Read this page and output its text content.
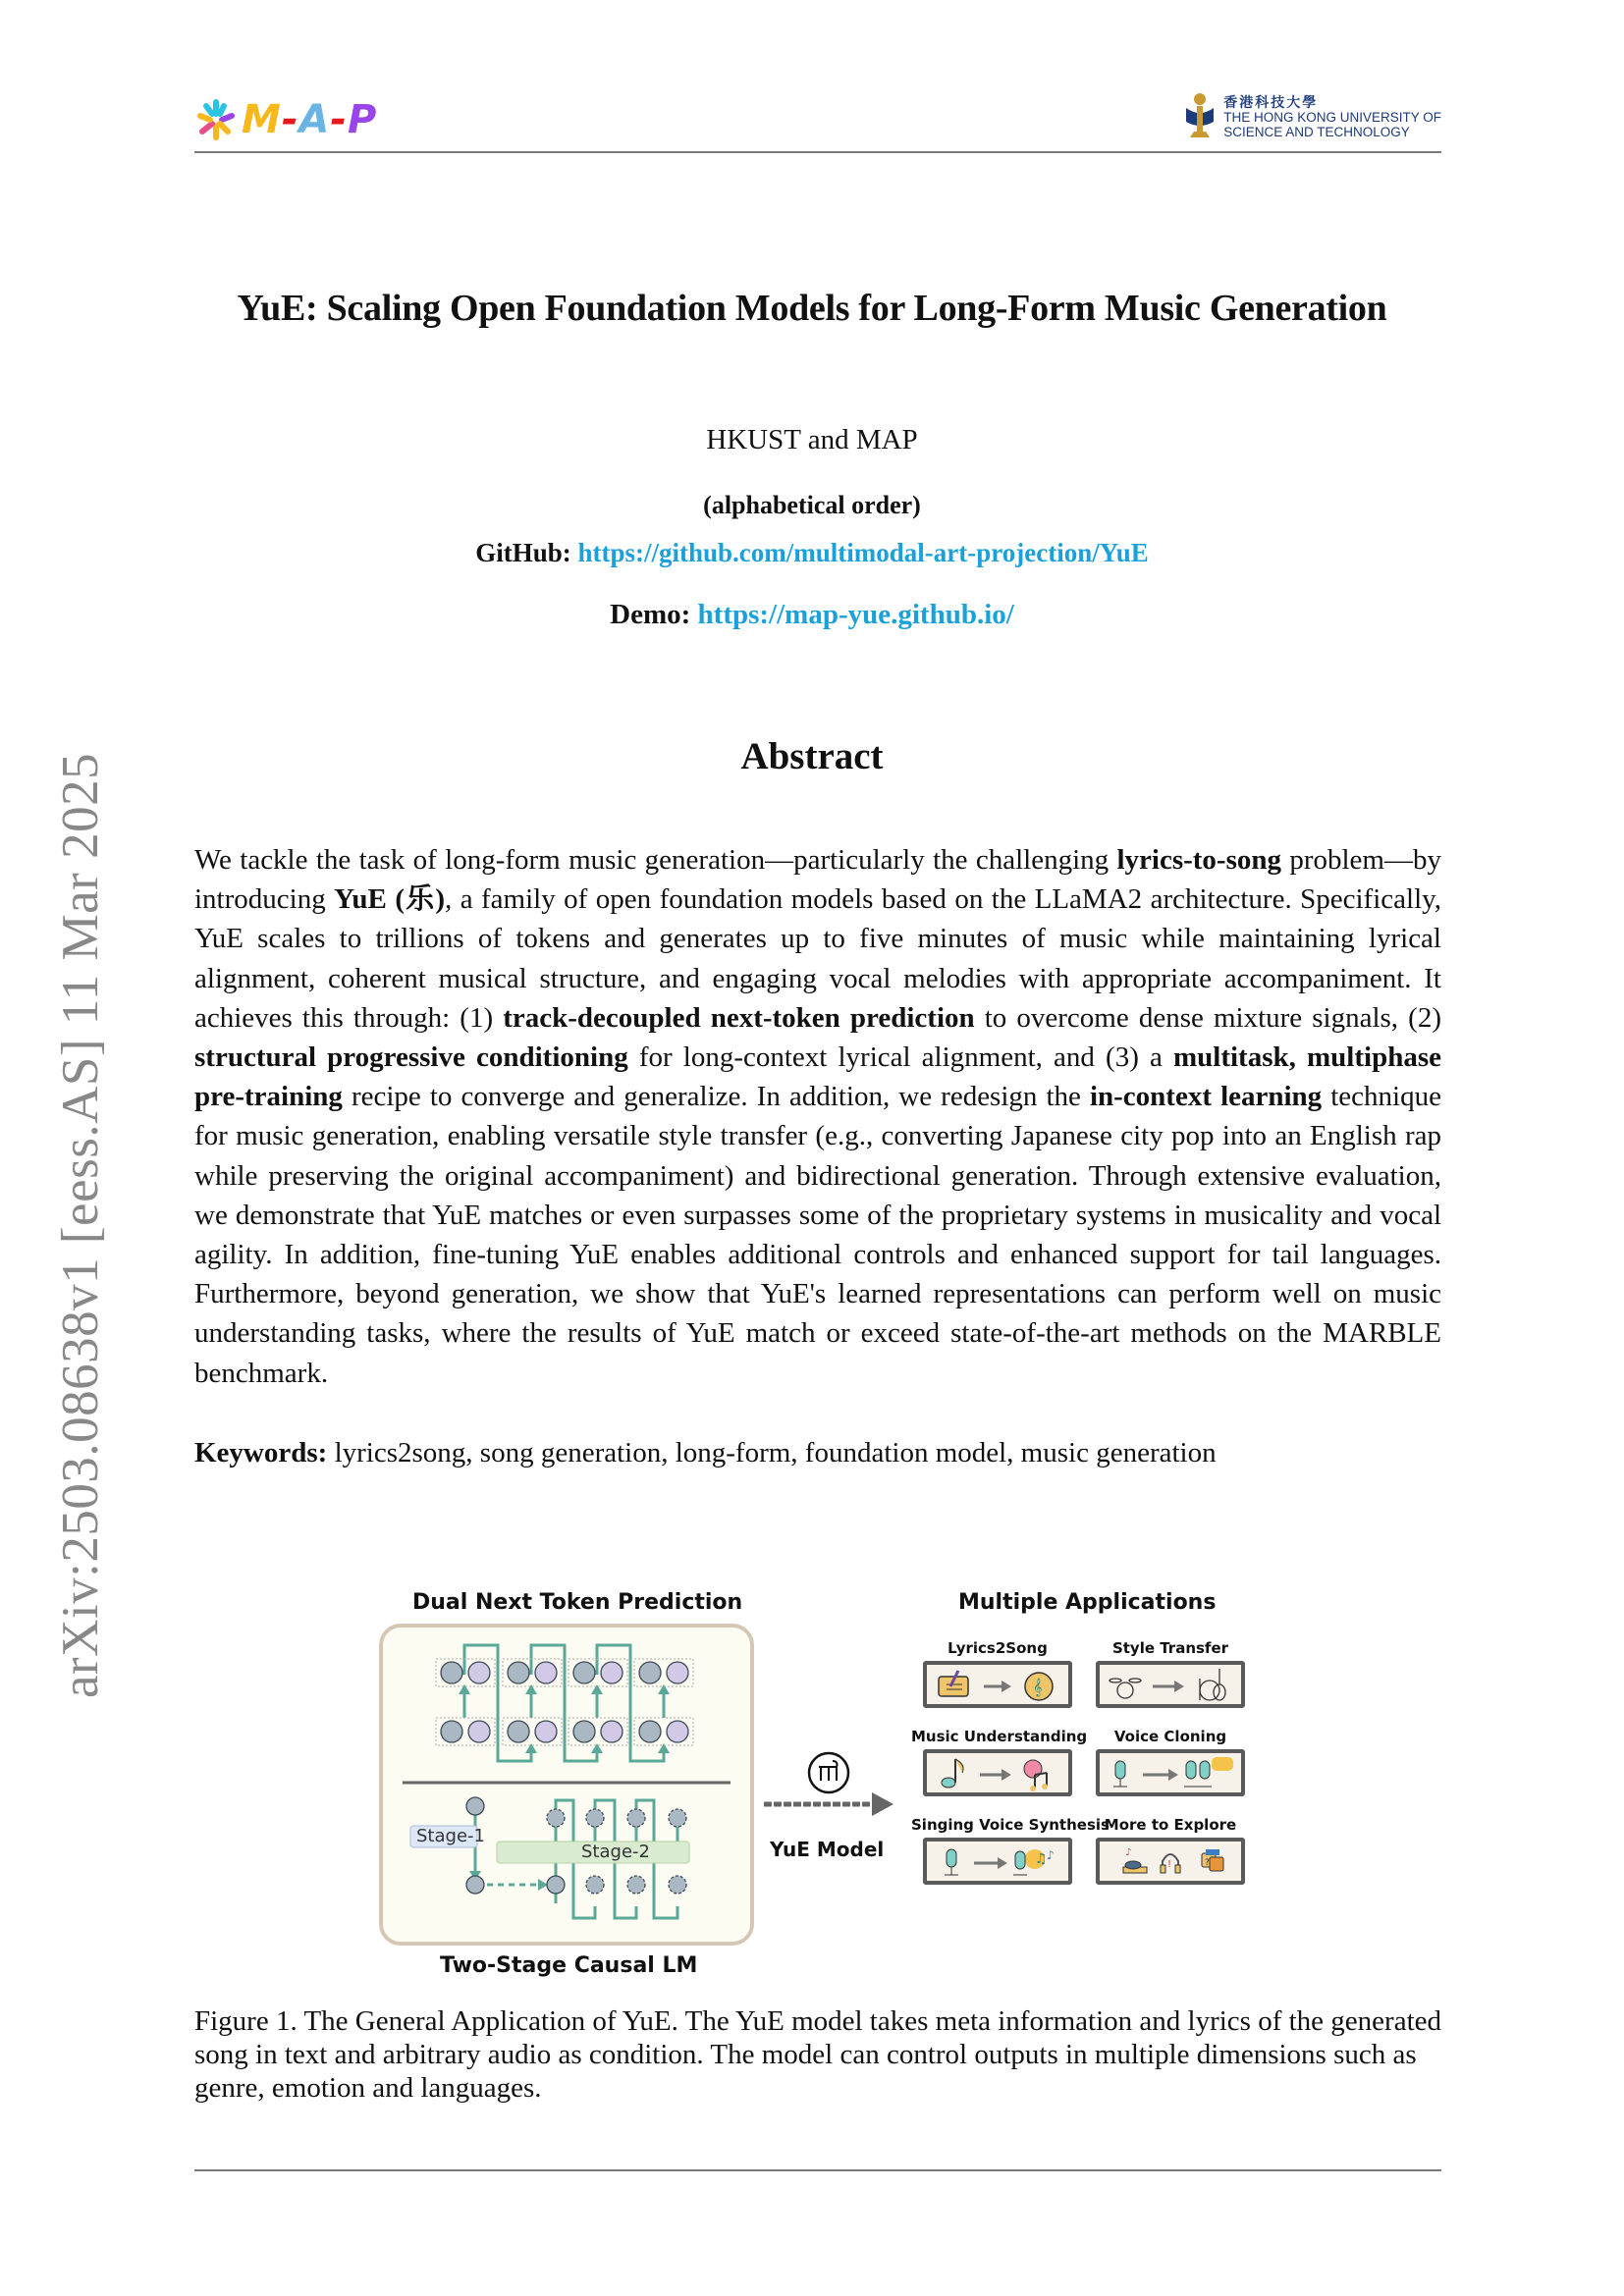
M-A-P	香港科技大學
THE HONG KONG UNIVERSITY OF
SCIENCE AND TECHNOLOGY
arXiv:2503.08638v1 [eess.AS] 11 Mar 2025
YuE: Scaling Open Foundation Models for Long-Form Music Generation
HKUST and MAP
(alphabetical order)
GitHub: https://github.com/multimodal-art-projection/YuE
Demo: https://map-yue.github.io/
Abstract
We tackle the task of long-form music generation—particularly the challenging lyrics-to-song problem—by introducing YuE (乐), a family of open foundation models based on the LLaMA2 architecture. Specifically, YuE scales to trillions of tokens and generates up to five minutes of music while maintaining lyrical alignment, coherent musical structure, and engaging vocal melodies with appropriate accompaniment. It achieves this through: (1) track-decoupled next-token prediction to overcome dense mixture signals, (2) structural progressive conditioning for long-context lyrical alignment, and (3) a multitask, multiphase pre-training recipe to converge and generalize. In addition, we redesign the in-context learning technique for music generation, enabling versatile style transfer (e.g., converting Japanese city pop into an English rap while preserving the original accompaniment) and bidirectional generation. Through extensive evaluation, we demonstrate that YuE matches or even surpasses some of the proprietary systems in musicality and vocal agility. In addition, fine-tuning YuE enables additional controls and enhanced support for tail languages. Furthermore, beyond generation, we show that YuE's learned representations can perform well on music understanding tasks, where the results of YuE match or exceed state-of-the-art methods on the MARBLE benchmark.
Keywords: lyrics2song, song generation, long-form, foundation model, music generation
Dual Next Token Prediction
Stage-1
Stage-2
Two-Stage Causal LM
YuE Model
Multiple Applications
Lyrics2Song
𝄞
Style Transfer
Music Understanding	Voice Cloning
Singing Voice Synthesis
♫ ♪
More to Explore
♪
!	?
Figure 1. The General Application of YuE. The YuE model takes meta information and lyrics of the generated song in text and arbitrary audio as condition. The model can control outputs in multiple dimensions such as genre, emotion and languages.
